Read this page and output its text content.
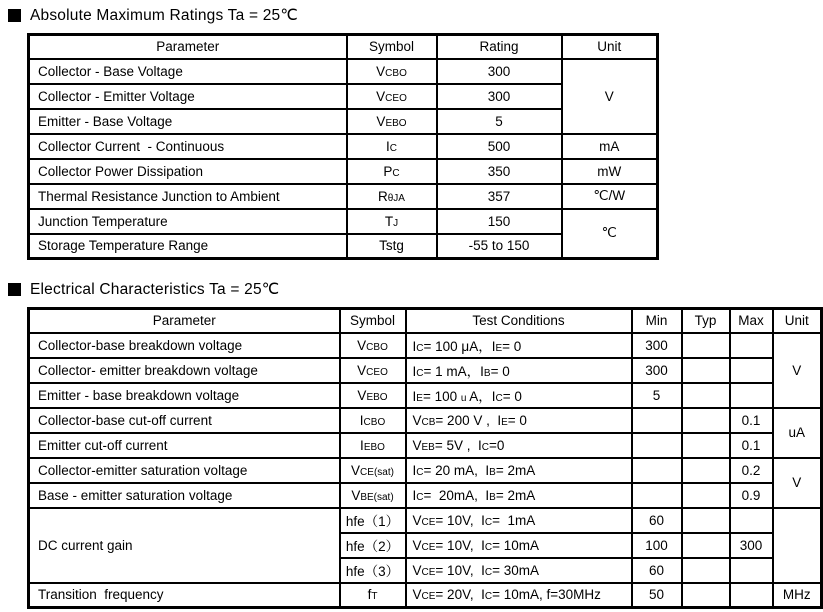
Absolute Maximum Ratings Ta = 25℃
Parameter	Symbol	Rating	Unit
Collector - Base Voltage	VCBO	300	V
Collector - Emitter Voltage	VCEO	300	
Emitter - Base Voltage	VEBO	5	
Collector Current  - Continuous	IC	500	mA
Collector Power Dissipation	PC	350	mW
Thermal Resistance Junction to Ambient	RθJA	357	℃/W
Junction Temperature	TJ	150	℃
Storage Temperature Range	Tstg	-55 to 150	
Electrical Characteristics Ta = 25℃
Parameter	Symbol	Test Conditions	Min	Typ	Max	Unit
Collector-base breakdown voltage	VCBO	IC= 100 μA，IE= 0	300			V
Collector- emitter breakdown voltage	VCEO	IC= 1 mA，IB= 0	300			
Emitter - base breakdown voltage	VEBO	IE= 100 u A，IC= 0	5			
Collector-base cut-off current	ICBO	VCB= 200 V ,  IE= 0			0.1	uA
Emitter cut-off current	IEBO	VEB= 5V ,  IC=0			0.1	
Collector-emitter saturation voltage	VCE(sat)	IC= 20 mA,  IB= 2mA			0.2	V
Base - emitter saturation voltage	VBE(sat)	IC=  20mA,  IB= 2mA			0.9	
DC current gain	hfe（1）	VCE= 10V,  IC=  1mA	60			
	hfe（2）	VCE= 10V,  IC= 10mA	100		300	
	hfe（3）	VCE= 10V,  IC= 30mA	60			
Transition  frequency	fT	VCE= 20V,  IC= 10mA, f=30MHz	50			MHz
